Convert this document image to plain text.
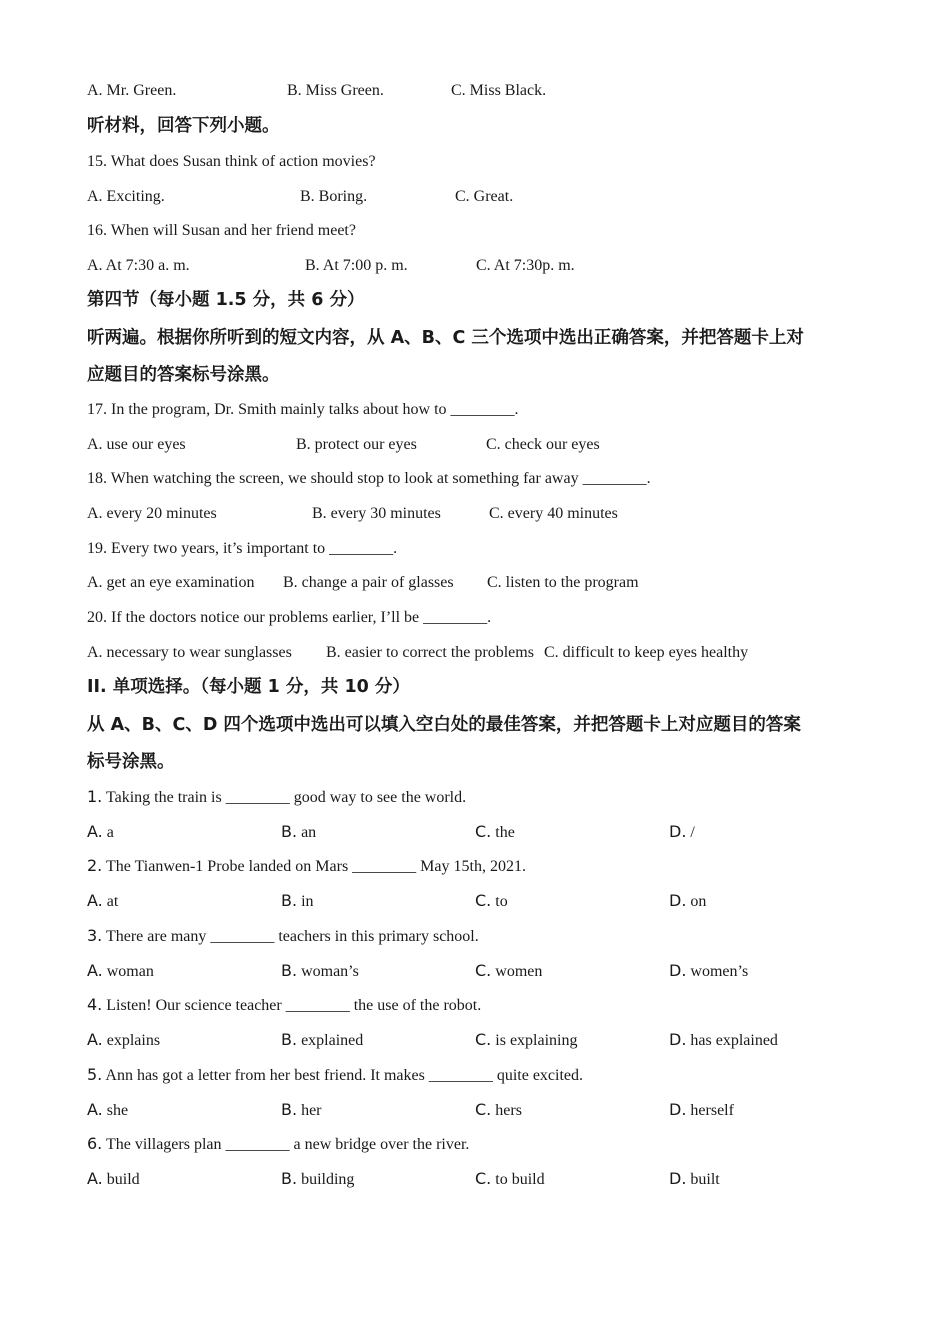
A. Mr. Green.	B. Miss Green.	C. Miss Black.
听材料，回答下列小题。
15. What does Susan think of action movies?
A. Exciting.	B. Boring.	C. Great.
16. When will Susan and her friend meet?
A. At 7:30 a. m.	B. At 7:00 p. m.	C. At 7:30p. m.
第四节（每小题 1.5 分，共 6 分）
听两遍。根据你所听到的短文内容，从 A、B、C 三个选项中选出正确答案，并把答题卡上对
应题目的答案标号涂黑。
17. In the program, Dr. Smith mainly talks about how to ________.
A. use our eyes	B. protect our eyes	C. check our eyes
18. When watching the screen, we should stop to look at something far away ________.
A. every 20 minutes	B. every 30 minutes	C. every 40 minutes
19. Every two years, it’s important to ________.
A. get an eye examination B. change a pair of glasses C. listen to the program
20. If the doctors notice our problems earlier, I’ll be ________.
A. necessary to wear sunglasses B. easier to correct the problems C. difficult to keep eyes healthy
II. 单项选择。（每小题 1 分，共 10 分）
从 A、B、C、D 四个选项中选出可以填入空白处的最佳答案，并把答题卡上对应题目的答案
标号涂黑。
1. Taking the train is ________ good way to see the world.
A. a	B. an	C. the	D. /
2. The Tianwen-1 Probe landed on Mars ________ May 15th, 2021.
A. at	B. in	C. to	D. on
3. There are many ________ teachers in this primary school.
A. woman	B. woman’s	C. women	D. women’s
4. Listen! Our science teacher ________ the use of the robot.
A. explains	B. explained	C. is explaining	D. has explained
5. Ann has got a letter from her best friend. It makes ________ quite excited.
A. she	B. her	C. hers	D. herself
6. The villagers plan ________ a new bridge over the river.
A. build	B. building	C. to build	D. built
